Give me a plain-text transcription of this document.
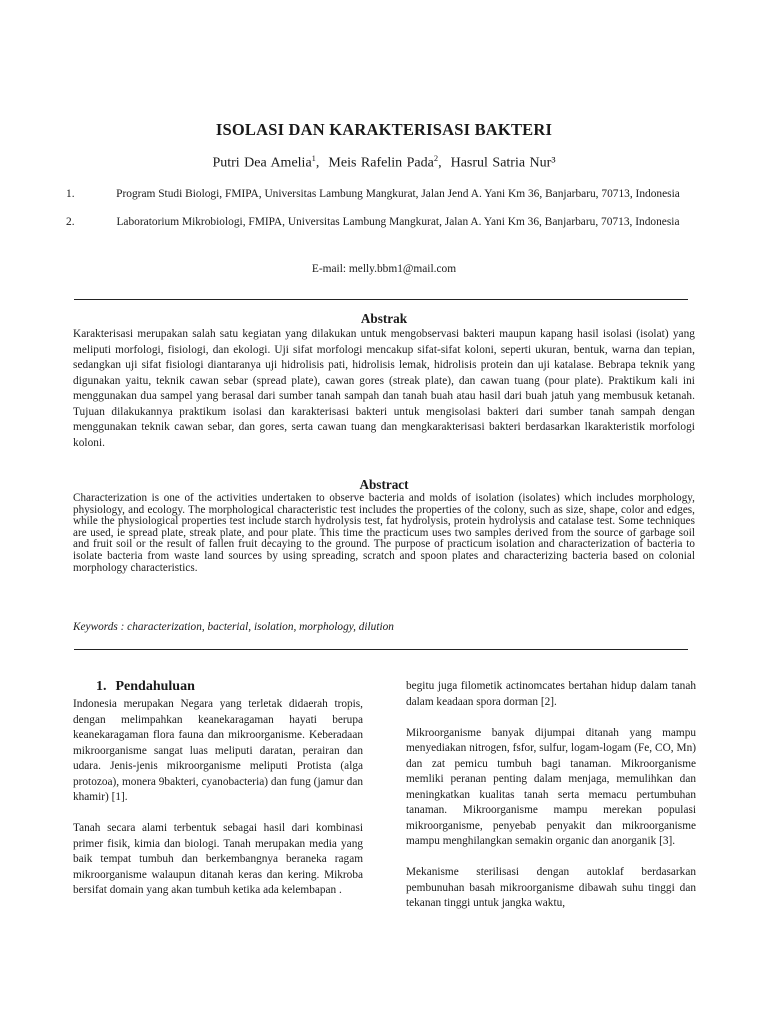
ISOLASI DAN KARAKTERISASI BAKTERI
Putri Dea Amelia$^1$,  Meis Rafelin Pada$^2$,  Hasrul Satria Nur³
1.	Program Studi Biologi, FMIPA, Universitas Lambung Mangkurat, Jalan Jend A. Yani Km 36, Banjarbaru, 70713, Indonesia
2.	Laboratorium Mikrobiologi, FMIPA, Universitas Lambung Mangkurat, Jalan A. Yani Km 36, Banjarbaru, 70713, Indonesia
E-mail: melly.bbm1@mail.com
Abstrak
Karakterisasi merupakan salah satu kegiatan yang dilakukan untuk mengobservasi bakteri maupun kapang hasil isolasi (isolat) yang meliputi morfologi, fisiologi, dan ekologi. Uji sifat morfologi mencakup sifat-sifat koloni, seperti ukuran, bentuk, warna dan tepian, sedangkan uji sifat fisiologi diantaranya uji hidrolisis pati, hidrolisis lemak, hidrolisis protein dan uji katalase. Bebrapa teknik yang digunakan yaitu, teknik cawan sebar (spread plate), cawan gores (streak plate), dan cawan tuang (pour plate). Praktikum kali ini menggunakan dua sampel yang berasal dari sumber tanah sampah dan tanah buah atau hasil dari buah jatuh yang membusuk ketanah. Tujuan dilakukannya praktikum isolasi dan karakterisasi bakteri untuk mengisolasi bakteri dari sumber tanah sampah dengan menggunakan teknik cawan sebar, dan gores, serta cawan tuang dan mengkarakterisasi bakteri berdasarkan lkarakteristik morfologi koloni.
Abstract
Characterization is one of the activities undertaken to observe bacteria and molds of isolation (isolates) which includes morphology, physiology, and ecology. The morphological characteristic test includes the properties of the colony, such as size, shape, color and edges, while the physiological properties test include starch hydrolysis test, fat hydrolysis, protein hydrolysis and catalase test. Some techniques are used, ie spread plate, streak plate, and pour plate. This time the practicum uses two samples derived from the source of garbage soil and fruit soil or the result of fallen fruit decaying to the ground. The purpose of practicum isolation and characterization of bacteria to isolate bacteria from waste land sources by using spreading, scratch and spoon plates and characterizing bacteria based on colonial morphology characteristics.
Keywords : characterization, bacterial, isolation, morphology, dilution
1. Pendahuluan

Indonesia merupakan Negara yang terletak didaerah tropis, dengan melimpahkan keanekaragaman hayati berupa keanekaragaman flora fauna dan mikroorganisme. Keberadaan mikroorganisme sangat luas meliputi daratan, perairan dan udara. Jenis-jenis mikroorganisme meliputi Protista (alga protozoa), monera 9bakteri, cyanobacteria) dan fung (jamur dan khamir) [1].

Tanah secara alami terbentuk sebagai hasil dari kombinasi primer fisik, kimia dan biologi. Tanah merupakan media yang baik tempat tumbuh dan berkembangnya beraneka ragam mikroorganisme walaupun ditanah keras dan kering. Mikroba bersifat domain yang akan tumbuh ketika ada kelembapan .

begitu juga filometik actinomcates bertahan hidup dalam tanah dalam keadaan spora dorman [2].

Mikroorganisme banyak dijumpai ditanah yang mampu menyediakan nitrogen, fsfor, sulfur, logam-logam (Fe, CO, Mn) dan zat pemicu tumbuh bagi tanaman. Mikroorganisme memliki peranan penting dalam menjaga, memulihkan dan meningkatkan kualitas tanah serta memacu pertumbuhan tanaman. Mikroorganisme mampu merekan populasi mikroorganisme, penyebab penyakit dan mikroorganisme mampu menghilangkan semakin organic dan anorganik [3].

Mekanisme sterilisasi dengan autoklaf berdasarkan pembunuhan basah mikroorganisme dibawah suhu tinggi dan tekanan tinggi untuk jangka waktu,
